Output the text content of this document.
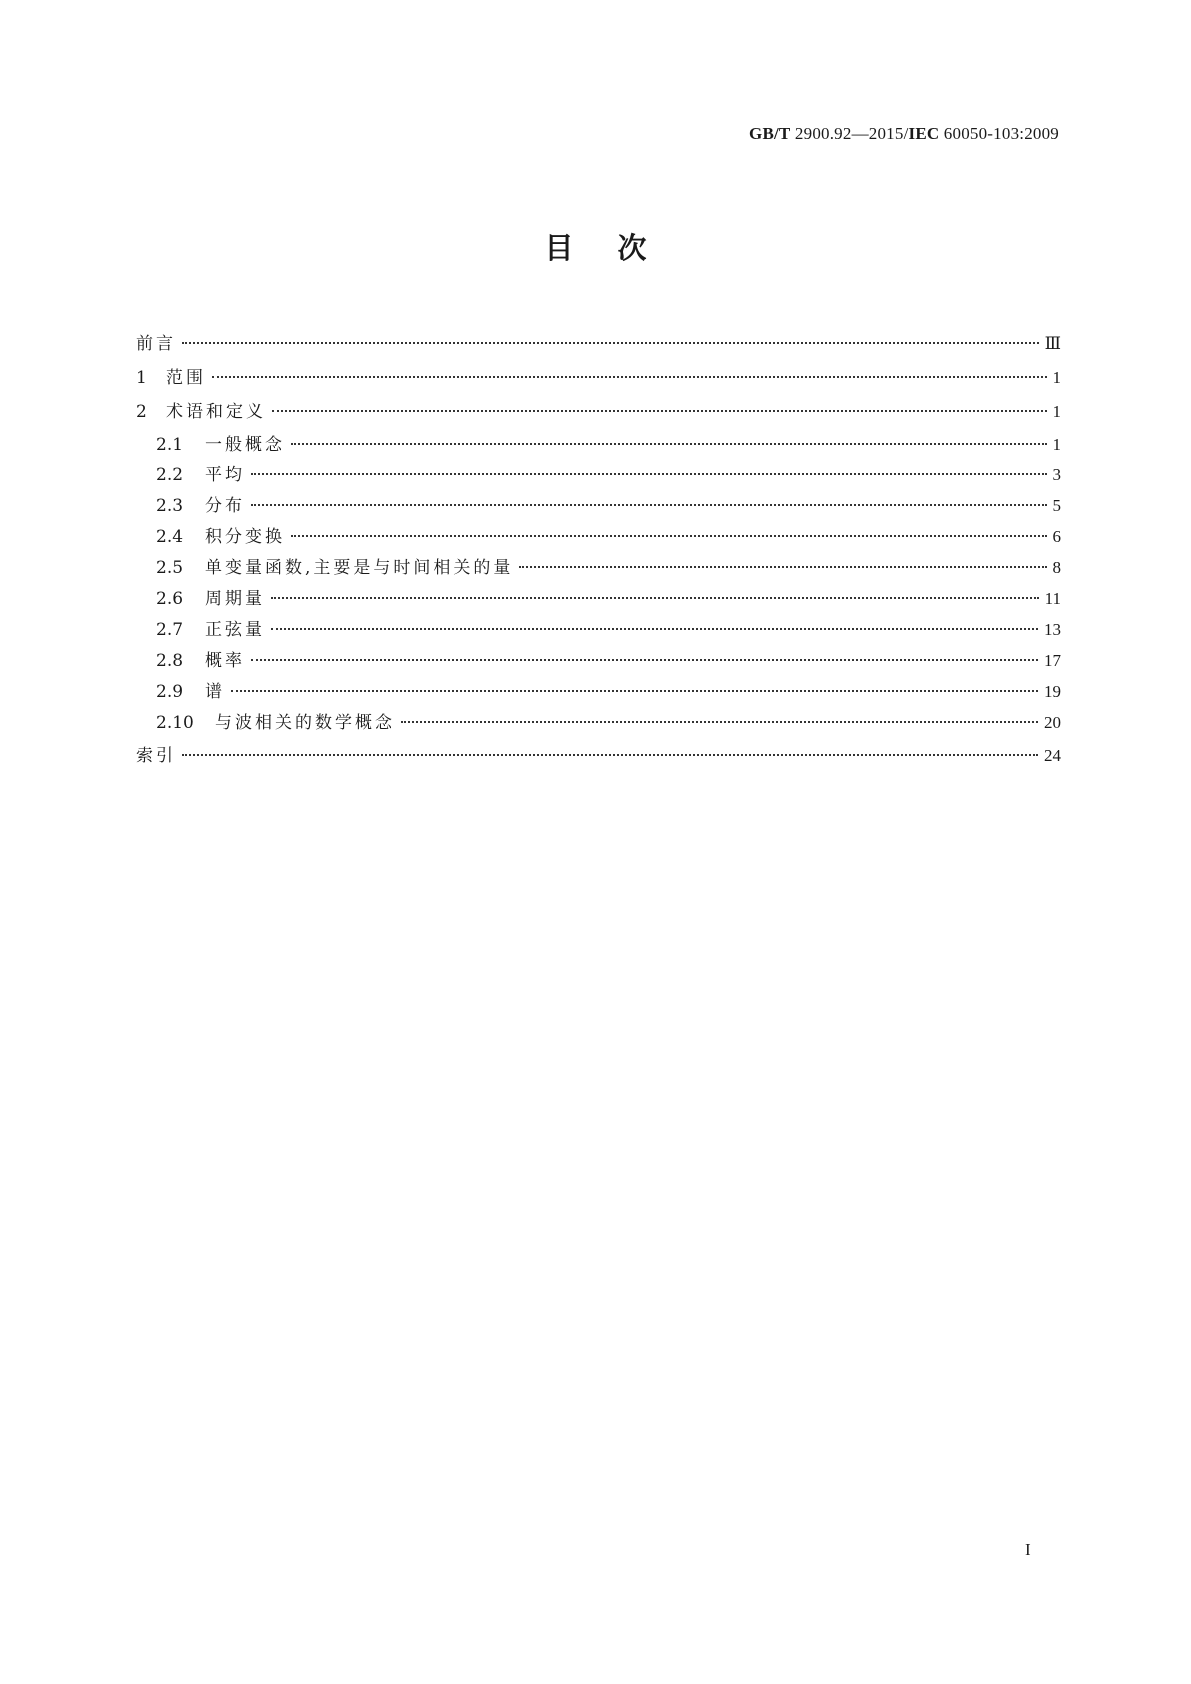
GB/T 2900.92—2015/IEC 60050-103:2009
目次
前言	Ⅲ
1	范围	1
2	术语和定义	1
2.1	一般概念	1
2.2	平均	3
2.3	分布	5
2.4	积分变换	6
2.5	单变量函数,主要是与时间相关的量	8
2.6	周期量	11
2.7	正弦量	13
2.8	概率	17
2.9	谱	19
2.10	与波相关的数学概念	20
索引	24
I
